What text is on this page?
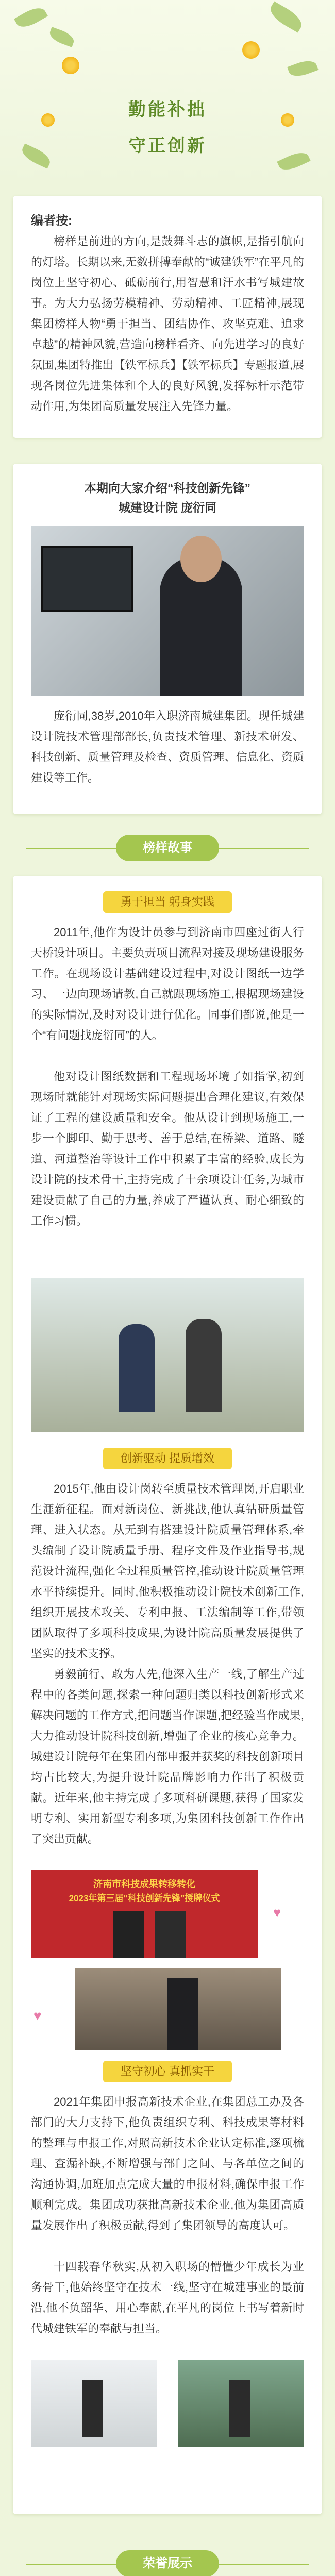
勤能补拙
守正创新
编者按:

榜样是前进的方向,是鼓舞斗志的旗帜,是指引航向的灯塔。长期以来,无数拼搏奉献的“诚建铁军”在平凡的岗位上坚守初心、砥砺前行,用智慧和汗水书写城建故事。为大力弘扬劳模精神、劳动精神、工匠精神,展现集团榜样人物“勇于担当、团结协作、攻坚克难、追求卓越”的精神风貌,营造向榜样看齐、向先进学习的良好氛围,集团特推出【铁军标兵】【铁军标兵】专题报道,展现各岗位先进集体和个人的良好风貌,发挥标杆示范带动作用,为集团高质量发展注入先锋力量。

本期向大家介绍“科技创新先锋”
城建设计院 庞衍同

庞衍同,38岁,2010年入职济南城建集团。现任城建设计院技术管理部部长,负责技术管理、新技术研发、科技创新、质量管理及检查、资质管理、信息化、资质建设等工作。

榜样故事
勇于担当 躬身实践

2011年,他作为设计员参与到济南市四座过街人行天桥设计项目。主要负责项目流程对接及现场建设服务工作。在现场设计基础建设过程中,对设计图纸一边学习、一边向现场请教,自己就跟现场施工,根据现场建设的实际情况,及时对设计进行优化。同事们都说,他是一个“有问题找庞衍同”的人。

他对设计图纸数据和工程现场坏境了如指掌,初到现场时就能针对现场实际问题提出合理化建议,有效保证了工程的建设质量和安全。他从设计到现场施工,一步一个脚印、勤于思考、善于总结,在桥梁、道路、隧道、河道整治等设计工作中积累了丰富的经验,成长为设计院的技术骨干,主持完成了十余项设计任务,为城市建设贡献了自己的力量,养成了严谨认真、耐心细致的工作习惯。

创新驱动 提质增效

2015年,他由设计岗转至质量技术管理岗,开启职业生涯新征程。面对新岗位、新挑战,他认真钻研质量管理、进入状态。从无到有搭建设计院质量管理体系,牵头编制了设计院质量手册、程序文件及作业指导书,规范设计流程,强化全过程质量管控,推动设计院质量管理水平持续提升。同时,他积极推动设计院技术创新工作,组织开展技术攻关、专利申报、工法编制等工作,带领团队取得了多项科技成果,为设计院高质量发展提供了坚实的技术支撑。

勇毅前行、敢为人先,他深入生产一线,了解生产过程中的各类问题,探索一种问题归类以科技创新形式来解决问题的工作方式,把问题当作课题,把经验当作成果,大力推动设计院科技创新,增强了企业的核心竞争力。城建设计院每年在集团内部申报并获奖的科技创新项目均占比较大,为提升设计院品牌影响力作出了积极贡献。近年来,他主持完成了多项科研课题,获得了国家发明专利、实用新型专利多项,为集团科技创新工作作出了突出贡献。

济南市科技成果转移转化
2023年第三届“科技创新先锋”授牌仪式
♥
♥
坚守初心 真抓实干

2021年集团申报高新技术企业,在集团总工办及各部门的大力支持下,他负责组织专利、科技成果等材料的整理与申报工作,对照高新技术企业认定标准,逐项梳理、查漏补缺,不断增强与部门之间、与各单位之间的沟通协调,加班加点完成大量的申报材料,确保申报工作顺利完成。集团成功获批高新技术企业,他为集团高质量发展作出了积极贡献,得到了集团领导的高度认可。

十四载春华秋实,从初入职场的懵懂少年成长为业务骨干,他始终坚守在技术一线,坚守在城建事业的最前沿,他不负韶华、用心奉献,在平凡的岗位上书写着新时代城建铁军的奉献与担当。

荣誉展示
